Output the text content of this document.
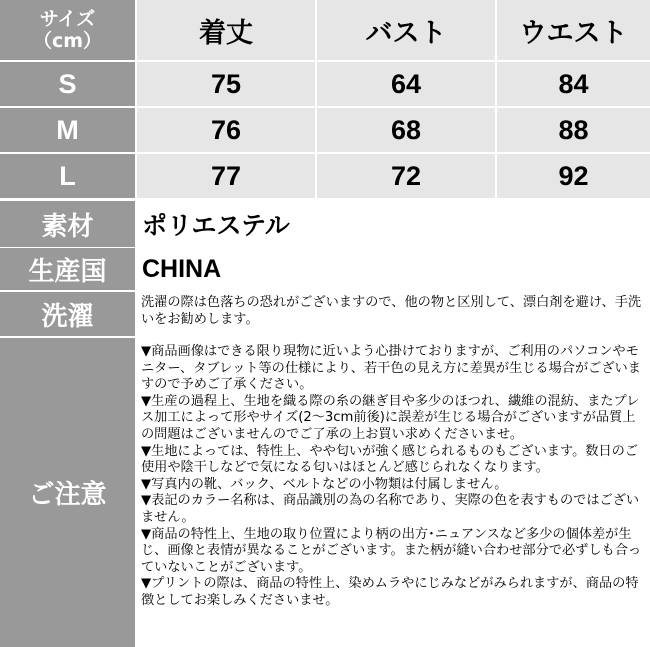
サイズ
（cm）	着丈	バスト	ウエスト
S	75	64	84
M	76	68	88
L	77	72	92
素材	ポリエステル
生産国	CHINA
洗濯	洗濯の際は色落ちの恐れがございますので、他の物と区別して、漂白剤を避け、手洗いをお勧めします。

ご注意

▼商品画像はできる限り現物に近いよう心掛けておりますが、ご利用のパソコンやモニター、タブレット等の仕様により、若干色の見え方に差異が生じる場合がございますので予めご了承ください。

▼生産の過程上、生地を織る際の糸の継ぎ目や多少のほつれ、繊維の混紡、またプレス加工によって形やサイズ(2〜3cm前後)に誤差が生じる場合がございますが品質上の問題はございませんのでご了承の上お買い求めくださいませ。

▼生地によっては、特性上、やや匂いが強く感じられるものもございます。数日のご使用や陰干しなどで気になる匂いはほとんど感じられなくなります。

▼写真内の靴、バック、ベルトなどの小物類は付属しません。

▼表記のカラー名称は、商品識別の為の名称であり、実際の色を表すものではございません。

▼商品の特性上、生地の取り位置により柄の出方･ニュアンスなど多少の個体差が生じ、画像と表情が異なることがございます。また柄が縫い合わせ部分で必ずしも合っていないことがございます。

▼プリントの際は、商品の特性上、染めムラやにじみなどがみられますが、商品の特徴としてお楽しみくださいませ。
